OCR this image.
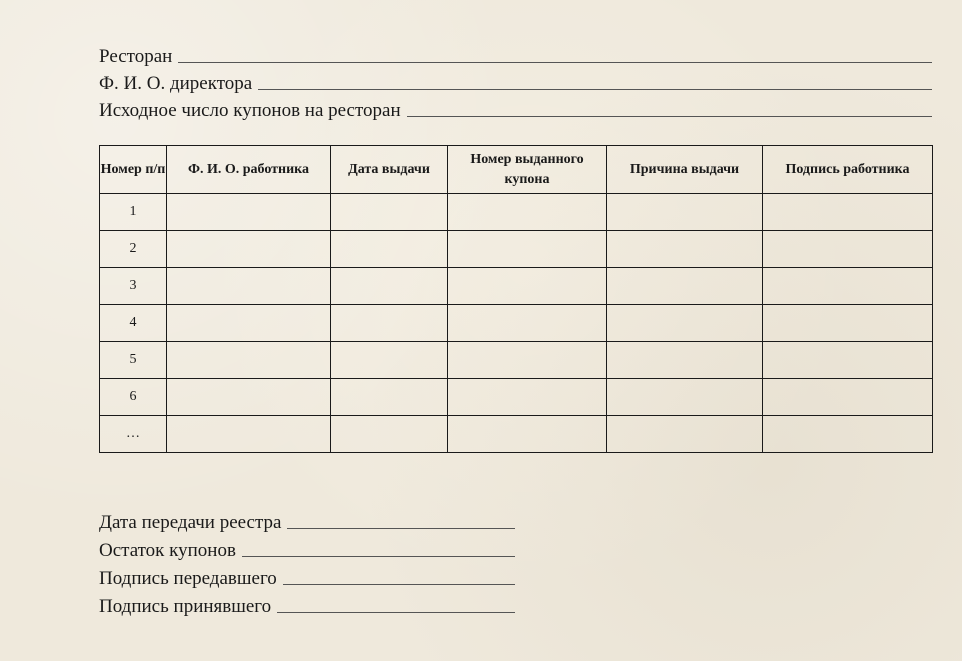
Ресторан
Ф. И. О. директора
Исходное число купонов на ресторан
Номер п/п	Ф. И. О. работника	Дата выдачи	Номер выданного купона	Причина выдачи	Подпись работника
1					
2					
3					
4					
5					
6					
…					
Дата передачи реестра
Остаток купонов
Подпись передавшего
Подпись принявшего
